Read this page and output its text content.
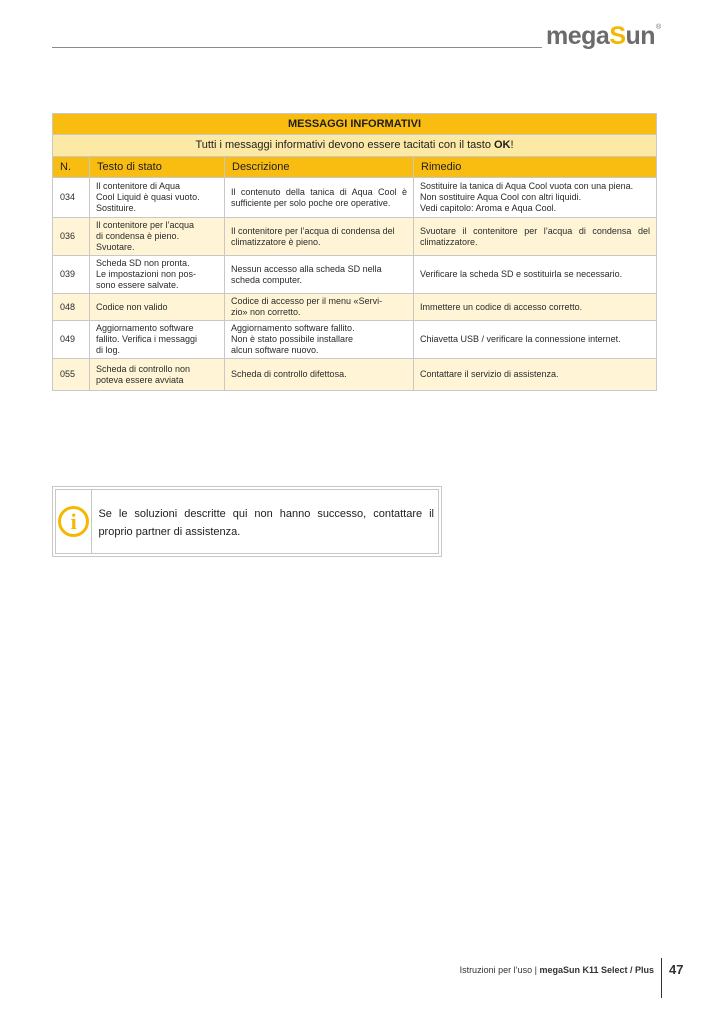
megaSun®
MESSAGGI INFORMATIVI			
Tutti i messaggi informativi devono essere tacitati con il tasto OK!			
N.	Testo di stato	Descrizione	Rimedio
034	Il contenitore di Aqua
Cool Liquid è quasi vuoto.
Sostituire.	Il contenuto della tanica di Aqua Cool è sufficiente per solo poche ore operative.	Sostituire la tanica di Aqua Cool vuota con una piena.
Non sostituire Aqua Cool con altri liquidi.
Vedi capitolo: Aroma e Aqua Cool.
036	Il contenitore per l’acqua
di condensa è pieno.
Svuotare.	Il contenitore per l’acqua di condensa del climatizzatore è pieno.	Svuotare il contenitore per l’acqua di condensa del climatizzatore.
039	Scheda SD non pronta.
Le impostazioni non pos-
sono essere salvate.	Nessun accesso alla scheda SD nella
scheda computer.	Verificare la scheda SD e sostituirla se necessario.
048	Codice non valido	Codice di accesso per il menu «Servi-
zio» non corretto.	Immettere un codice di accesso corretto.
049	Aggiornamento software
fallito. Verifica i messaggi
di log.	Aggiornamento software fallito.
Non è stato possibile installare
alcun software nuovo.	Chiavetta USB / verificare la connessione internet.
055	Scheda di controllo non
poteva essere avviata	Scheda di controllo difettosa.	Contattare il servizio di assistenza.
i	Se le soluzioni descritte qui non hanno successo, contattare il proprio partner di assistenza.
Istruzioni per l’uso | megaSun K11 Select / Plus 47
